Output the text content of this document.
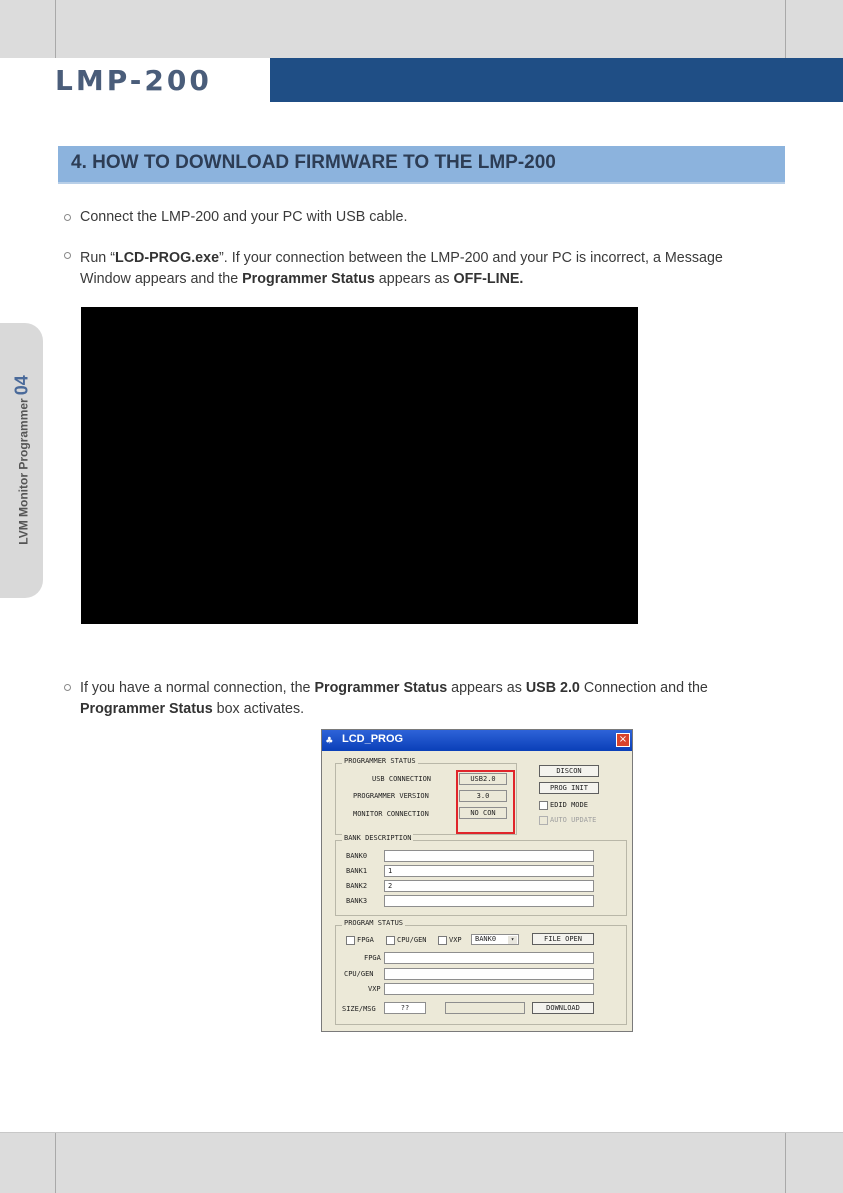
LMP-200
LVM Monitor Programmer04
4. HOW TO DOWNLOAD FIRMWARE TO THE LMP-200
Connect the LMP-200 and your PC with USB cable.
Run “LCD-PROG.exe”. If your connection between the LMP-200 and your PC is incorrect, a Message
Window appears and the Programmer Status appears as OFF-LINE.
If you have a normal connection, the Programmer Status appears as USB 2.0 Connection and the
Programmer Status box activates.
♣ LCD_PROG	×
PROGRAMMER STATUS
USB CONNECTION	USB2.0
PROGRAMMER VERSION	3.0
MONITOR CONNECTION	NO CON
DISCON
PROG INIT
EDID MODE
AUTO UPDATE
BANK DESCRIPTION
BANK0
BANK1	1
BANK2	2
BANK3
PROGRAM STATUS
FPGA	CPU/GEN	VXP	BANK0	▾	FILE OPEN
FPGA
CPU/GEN
VXP
SIZE/MSG	??	DOWNLOAD
